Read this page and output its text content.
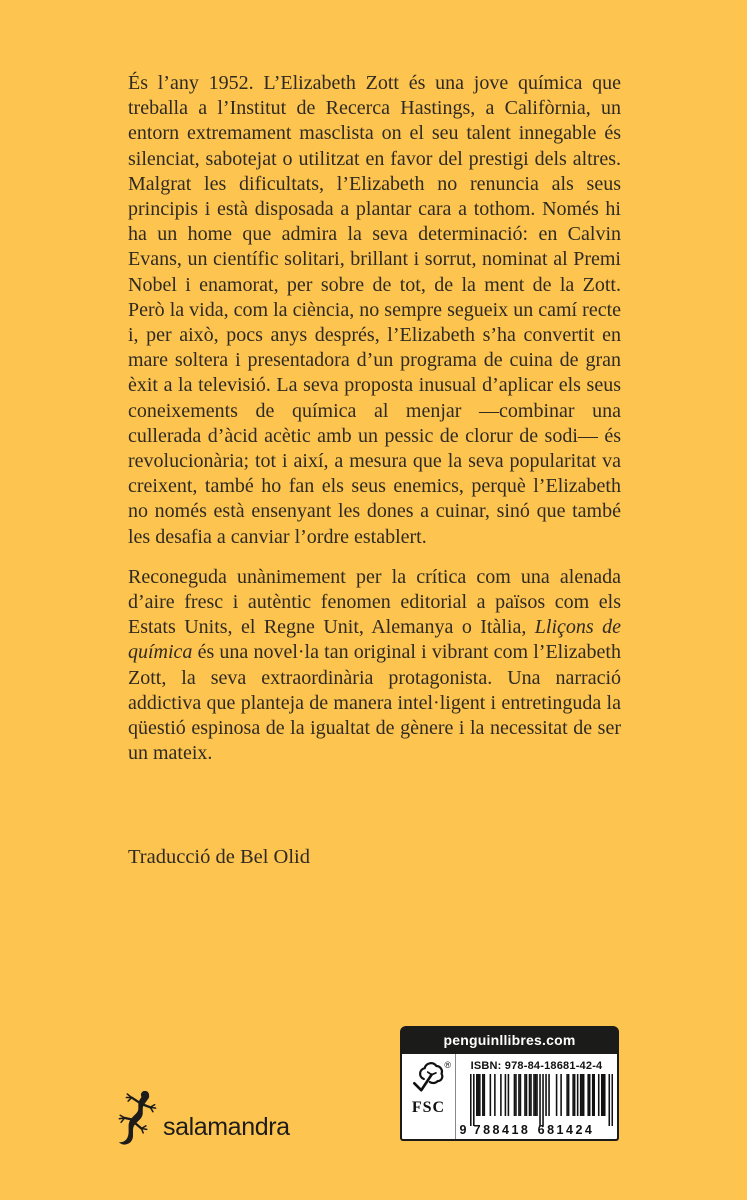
És l’any 1952. L’Elizabeth Zott és una jove química que treballa a l’Institut de Recerca Hastings, a Califòrnia, un entorn extremament masclista on el seu talent innegable és silenciat, sabotejat o utilitzat en favor del prestigi dels altres. Malgrat les dificultats, l’Elizabeth no renuncia als seus principis i està disposada a plantar cara a tothom. Només hi ha un home que admira la seva determinació: en Calvin Evans, un científic solitari, brillant i sorrut, nominat al Premi Nobel i enamorat, per sobre de tot, de la ment de la Zott. Però la vida, com la ciència, no sempre segueix un camí recte i, per això, pocs anys després, l’Elizabeth s’ha convertit en mare soltera i presentadora d’un programa de cuina de gran èxit a la televisió. La seva proposta inusual d’aplicar els seus coneixements de química al menjar —combinar una cullerada d’àcid acètic amb un pessic de clorur de sodi— és revolucionària; tot i així, a mesura que la seva popularitat va creixent, també ho fan els seus enemics, perquè l’Elizabeth no només està ensenyant les dones a cuinar, sinó que també les desafia a canviar l’ordre establert.

Reconeguda unànimement per la crítica com una alenada d’aire fresc i autèntic fenomen editorial a països com els Estats Units, el Regne Unit, Alemanya o Itàlia, Lliçons de química és una novel·la tan original i vibrant com l’Elizabeth Zott, la seva extraordinària protagonista. Una narració addictiva que planteja de manera intel·ligent i entretinguda la qüestió espinosa de la igualtat de gènere i la necessitat de ser un mateix.

Traducció de Bel Olid
salamandra
penguinllibres.com
®
FSC
ISBN: 978-84-18681-42-4
9 788418 681424
